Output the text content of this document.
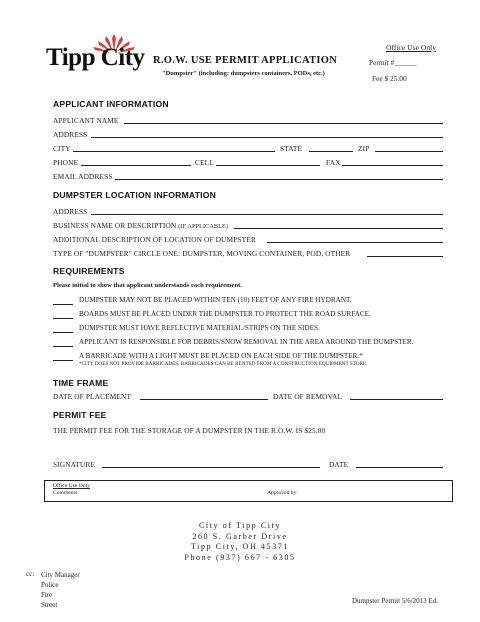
Tipp City R.O.W. USE PERMIT APPLICATION
"Dumpster" (including: dumpsters containers, PODs, etc.)
Office Use Only
Permit #______
Fee $ 25.00
APPLICANT INFORMATION
APPLICANT NAME
ADDRESS
CITY	STATE	ZIP
PHONE	CELL	FAX
EMAIL ADDRESS
DUMPSTER LOCATION INFORMATION
ADDRESS
BUSINESS NAME OR DESCRIPTION (IF APPLICABLE)
ADDITIONAL DESCRIPTION OF LOCATION OF DUMPSTER
TYPE OF "DUMPSTER" CIRCLE ONE: DUMPSTER, MOVING CONTAINER, POD, OTHER
REQUIREMENTS
Please initial to show that applicant understands each requirement.
DUMPSTER MAY NOT BE PLACED WITHIN TEN (10) FEET OF ANY FIRE HYDRANT.
BOARDS MUST BE PLACED UNDER THE DUMPSTER TO PROTECT THE ROAD SURFACE.
DUMPSTER MUST HAVE REFLECTIVE MATERIAL/STRIPS ON THE SIDES.
APPLICANT IS RESPONSIBLE FOR DEBRIS/SNOW REMOVAL IN THE AREA AROUND THE DUMPSTER.
A BARRICADE WITH A LIGHT MUST BE PLACED ON EACH SIDE OF THE DUMPSTER.*
*CITY DOES NOT PROVIDE BARRICADES. BARRICADES CAN BE RENTED FROM A CONSTRUCTION EQUIPMENT STORE.
TIME FRAME
DATE OF PLACEMENT	DATE OF REMOVAL
PERMIT FEE
THE PERMIT FEE FOR THE STORAGE OF A DUMPSTER IN THE R.O.W. IS $25.00
SIGNATURE	DATE
Office Use Only
Comments:	Approved by:
City of Tipp City
260 S. Garber Drive
Tipp City, OH 45371
Phone (937) 667 - 6305
cc: City Manager
Police
Fire
Street	Dumpster Permit 5/6/2013 Ed.
